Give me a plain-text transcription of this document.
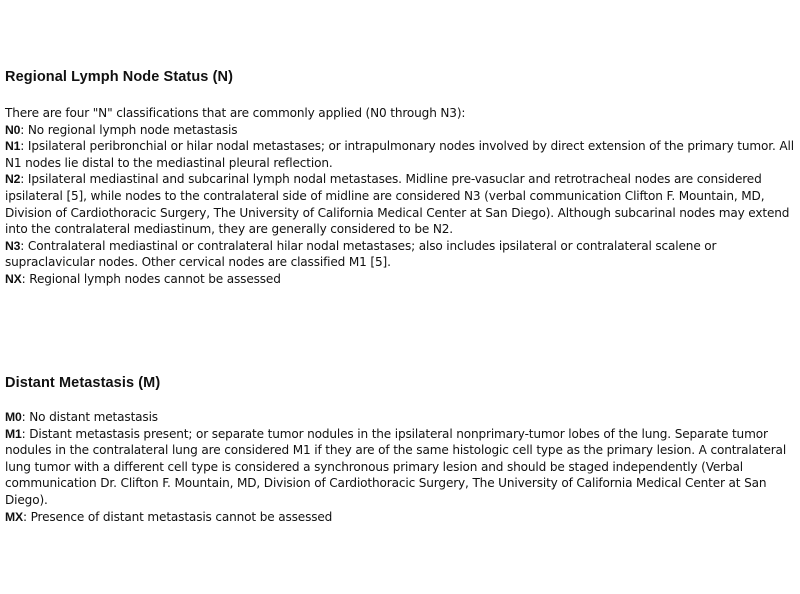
Regional Lymph Node Status (N)
There are four "N" classifications that are commonly applied (N0 through N3):
N0: No regional lymph node metastasis
N1: Ipsilateral peribronchial or hilar nodal metastases; or intrapulmonary nodes involved by direct extension of the primary tumor. All N1 nodes lie distal to the mediastinal pleural reflection.
N2: Ipsilateral mediastinal and subcarinal lymph nodal metastases. Midline pre-vasuclar and retrotracheal nodes are considered ipsilateral [5], while nodes to the contralateral side of midline are considered N3 (verbal communication Clifton F. Mountain, MD, Division of Cardiothoracic Surgery, The University of California Medical Center at San Diego). Although subcarinal nodes may extend into the contralateral mediastinum, they are generally considered to be N2.
N3: Contralateral mediastinal or contralateral hilar nodal metastases; also includes ipsilateral or contralateral scalene or supraclavicular nodes. Other cervical nodes are classified M1 [5].
NX: Regional lymph nodes cannot be assessed
Distant Metastasis (M)
M0: No distant metastasis
M1: Distant metastasis present; or separate tumor nodules in the ipsilateral nonprimary-tumor lobes of the lung. Separate tumor nodules in the contralateral lung are considered M1 if they are of the same histologic cell type as the primary lesion. A contralateral lung tumor with a different cell type is considered a synchronous primary lesion and should be staged independently (Verbal communication Dr. Clifton F. Mountain, MD, Division of Cardiothoracic Surgery, The University of California Medical Center at San Diego).
MX: Presence of distant metastasis cannot be assessed
